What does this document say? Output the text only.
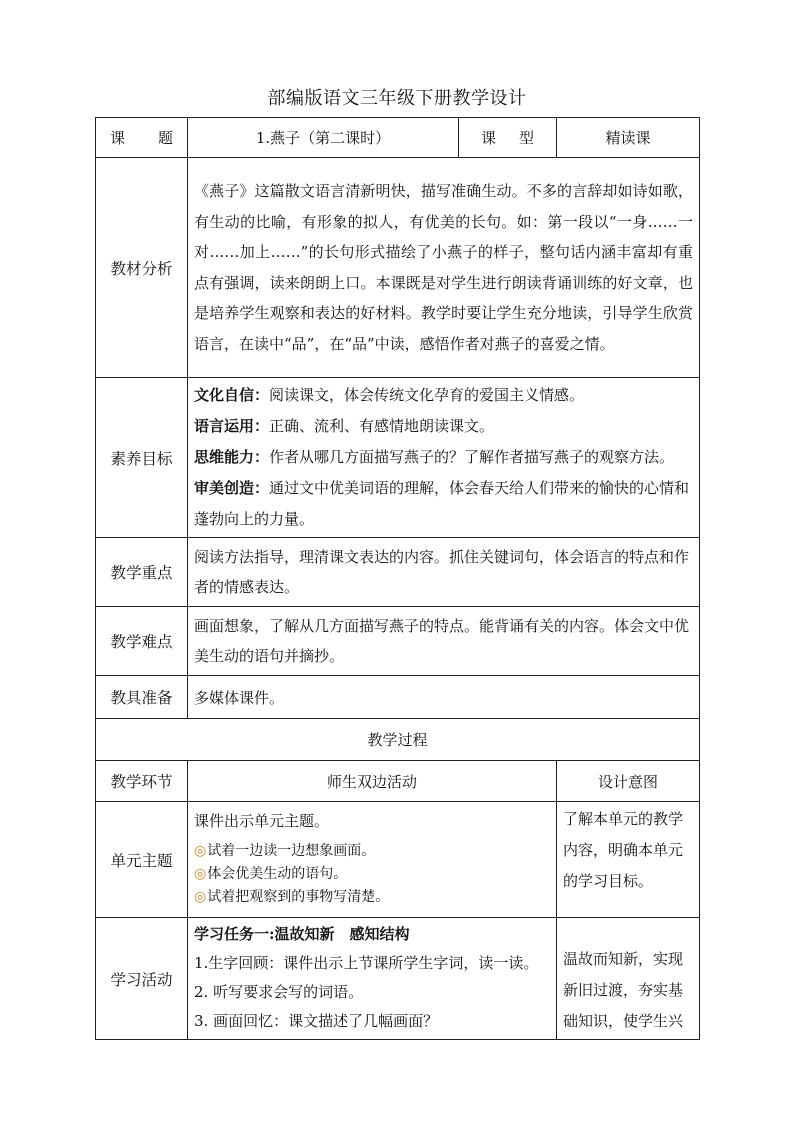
部编版语文三年级下册教学设计
课 题	1.燕子（第二课时）	课 型	精读课
教材分析	《燕子》这篇散文语言清新明快，描写准确生动。不多的言辞却如诗如歌，有生动的比喻，有形象的拟人，有优美的长句。如：第一段以“一身……一对……加上……”的长句形式描绘了小燕子的样子，整句话内涵丰富却有重点有强调，读来朗朗上口。本课既是对学生进行朗读背诵训练的好文章，也是培养学生观察和表达的好材料。教学时要让学生充分地读，引导学生欣赏语言，在读中“品”，在“品”中读，感悟作者对燕子的喜爱之情。		

素养目标	文化自信：阅读课文，体会传统文化孕育的爱国主义情感。
语言运用：正确、流利、有感情地朗读课文。
思维能力：作者从哪几方面描写燕子的？了解作者描写燕子的观察方法。
审美创造：通过文中优美词语的理解，体会春天给人们带来的愉快的心情和蓬勃向上的力量。		

教学重点	阅读方法指导，理清课文表达的内容。抓住关键词句，体会语言的特点和作者的情感表达。		

教学难点	画面想象，了解从几方面描写燕子的特点。能背诵有关的内容。体会文中优美生动的语句并摘抄。		

教具准备	多媒体课件。		
教学过程			
教学环节	师生双边活动		设计意图
单元主题	课件出示单元主题。
◎试着一边读一边想象画面。
◎体会优美生动的语句。
◎试着把观察到的事物写清楚。		了解本单元的教学内容，明确本单元的学习目标。

学习活动	学习任务一:温故知新　感知结构
1.生字回顾：课件出示上节课所学生字词，读一读。
2. 听写要求会写的词语。
3. 画面回忆：课文描述了几幅画面？		温故而知新，实现新旧过渡，夯实基础知识，使学生兴
